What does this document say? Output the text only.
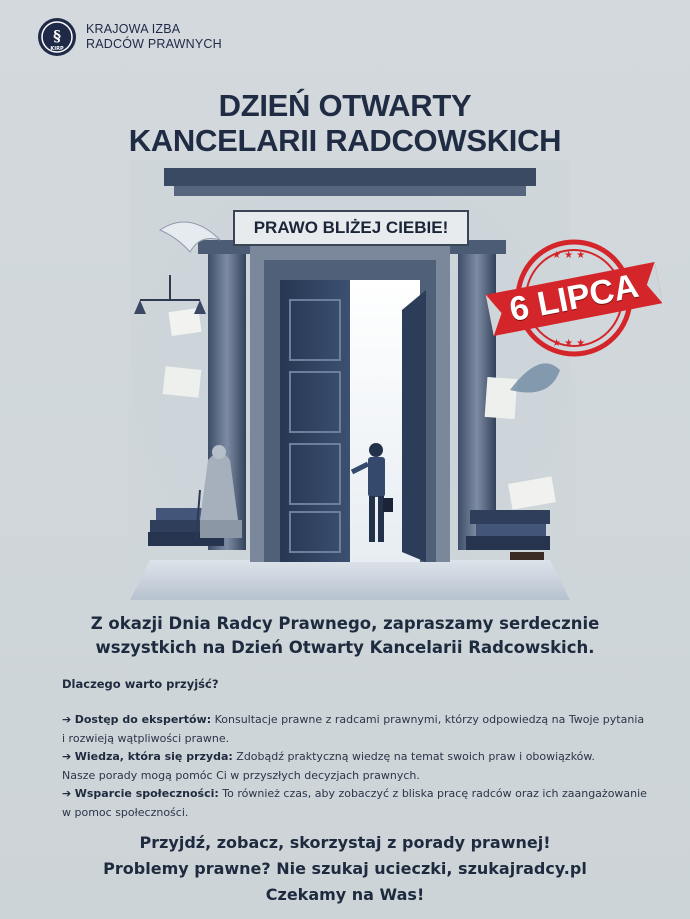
§
KIRP
KRAJOWA IZBA
RADCÓW PRAWNYCH
DZIEŃ OTWARTY
KANCELARII RADCOWSKICH
PRAWO BLIŻEJ CIEBIE!
★ ★ ★
★ ★ ★
6 LIPCA
Z okazji Dnia Radcy Prawnego, zapraszamy serdecznie
wszystkich na Dzień Otwarty Kancelarii Radcowskich.
Dlaczego warto przyjść?
➔ Dostęp do ekspertów: Konsultacje prawne z radcami prawnymi, którzy odpowiedzą na Twoje pytania
i rozwieją wątpliwości prawne.
➔ Wiedza, która się przyda: Zdobądź praktyczną wiedzę na temat swoich praw i obowiązków.
Nasze porady mogą pomóc Ci w przyszłych decyzjach prawnych.
➔ Wsparcie społeczności: To również czas, aby zobaczyć z bliska pracę radców oraz ich zaangażowanie
w pomoc społeczności.
Przyjdź, zobacz, skorzystaj z porady prawnej!
Problemy prawne? Nie szukaj ucieczki, szukajradcy.pl
Czekamy na Was!
